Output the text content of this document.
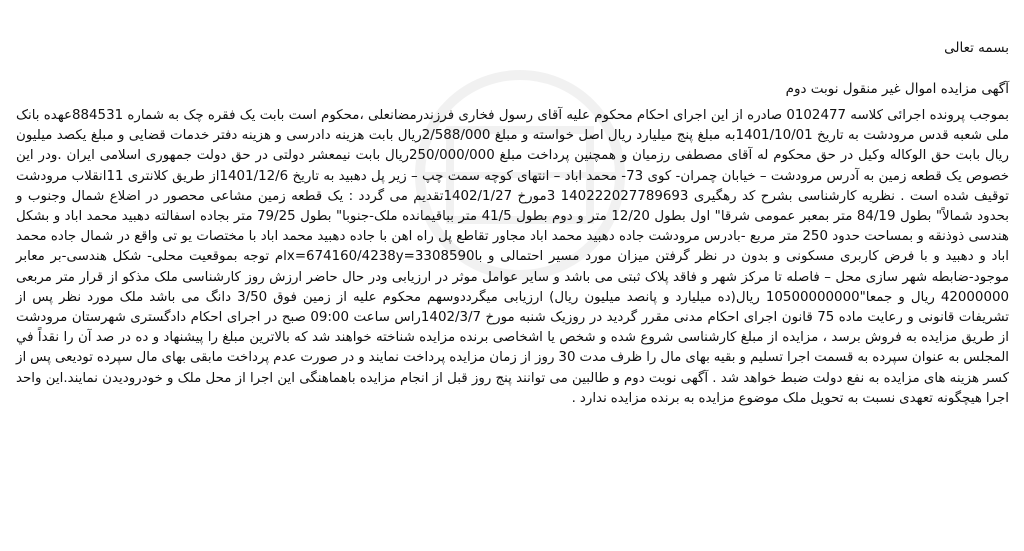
بسمه تعالی

آگهی مزایده اموال غیر منقول نوبت دوم

بموجب پرونده اجرائی کلاسه 0102477 صادره از این اجرای احکام محکوم علیه آقای رسول فخاری فرزندرمضانعلی ،محکوم است بابت یک فقره چک به شماره 884531عهده بانک ملی شعبه قدس مرودشت به تاریخ 1401/10/01به مبلغ پنج میلیارد ریال اصل خواسته و مبلغ 2/588/000ریال بابت هزینه دادرسی و هزینه دفتر خدمات قضایی و مبلغ یکصد میلیون ریال بابت حق الوکاله وکیل در حق محکوم له آقای مصطفی رزمیان و همچنین پرداخت مبلغ 250/000/000ریال بابت نیمعشر دولتی در حق دولت جمهوری اسلامی ایران .ودر این خصوص یک قطعه زمین به آدرس مرودشت – خیابان چمران- کوی 73- محمد اباد – انتهای کوچه سمت چپ – زیر پل دهبید به تاریخ 1401/12/6از طریق کلانتری 11انقلاب مرودشت توقیف شده است . نظریه کارشناسی بشرح کد رهگیری 140222027789693 3مورخ 1402/1/27تقدیم می گردد : یک قطعه زمین مشاعی محصور در اضلاع شمال وجنوب و بحدود شمالاً" بطول 84/19 متر بمعبر عمومی شرقا" اول بطول 12/20 متر و دوم بطول 41/5 متر بباقیمانده ملک-جنوبا" بطول 79/25 متر بجاده اسفالته دهبید محمد اباد و بشکل هندسی ذوذنقه و بمساحت حدود 250 متر مربع -بادرس مرودشت جاده دهبید محمد اباد مجاور تقاطع پل راه اهن با جاده دهبید محمد اباد با مختصات یو تی واقع در شمال جاده محمد اباد و دهبید و با فرض کاربری مسکونی و بدون در نظر گرفتن میزان مورد مسیر احتمالی و باx=674160/4238y=3308590ام توجه بموقعیت محلی- شکل هندسی-بر معابر موجود-ضابطه شهر سازی محل – فاصله تا مرکز شهر و فاقد پلاک ثبتی می باشد و سایر عوامل موثر در ارزیابی ودر حال حاضر ارزش روز کارشناسی ملک مذکو از قرار متر مربعی 42000000 ریال و جمعا"10500000000 ریال(ده میلیارد و پانصد میلیون ریال) ارزیابی میگرددوسهم محکوم علیه از زمین فوق 3/50 دانگ می باشد ملک مورد نظر پس از تشریفات قانونی و رعایت ماده 75 قانون اجرای احکام مدنی مقرر گردید در روزیک شنبه مورخ 1402/3/7راس ساعت 09:00 صبح در اجرای احکام دادگستری شهرستان مرودشت از طریق مزایده به فروش برسد ، مزایده از مبلغ کارشناسی شروع شده و شخص یا اشخاصی برنده مزایده شناخته خواهند شد که بالاترین مبلغ را پیشنهاد و ده در صد آن را نقداً في المجلس به عنوان سپرده به قسمت اجرا تسلیم و بقیه بهای مال را ظرف مدت 30 روز از زمان مزایده پرداخت نمایند و در صورت عدم پرداخت مابقی بهای مال سپرده تودیعی پس از کسر هزینه های مزایده به نفع دولت ضبط خواهد شد . آگهی نوبت دوم و طالبین می توانند پنج روز قبل از انجام مزایده باهماهنگی این اجرا از محل ملک و خودرودیدن نمایند.این واحد اجرا هیچگونه تعهدی نسبت به تحویل ملک موضوع مزایده به برنده مزایده ندارد .
